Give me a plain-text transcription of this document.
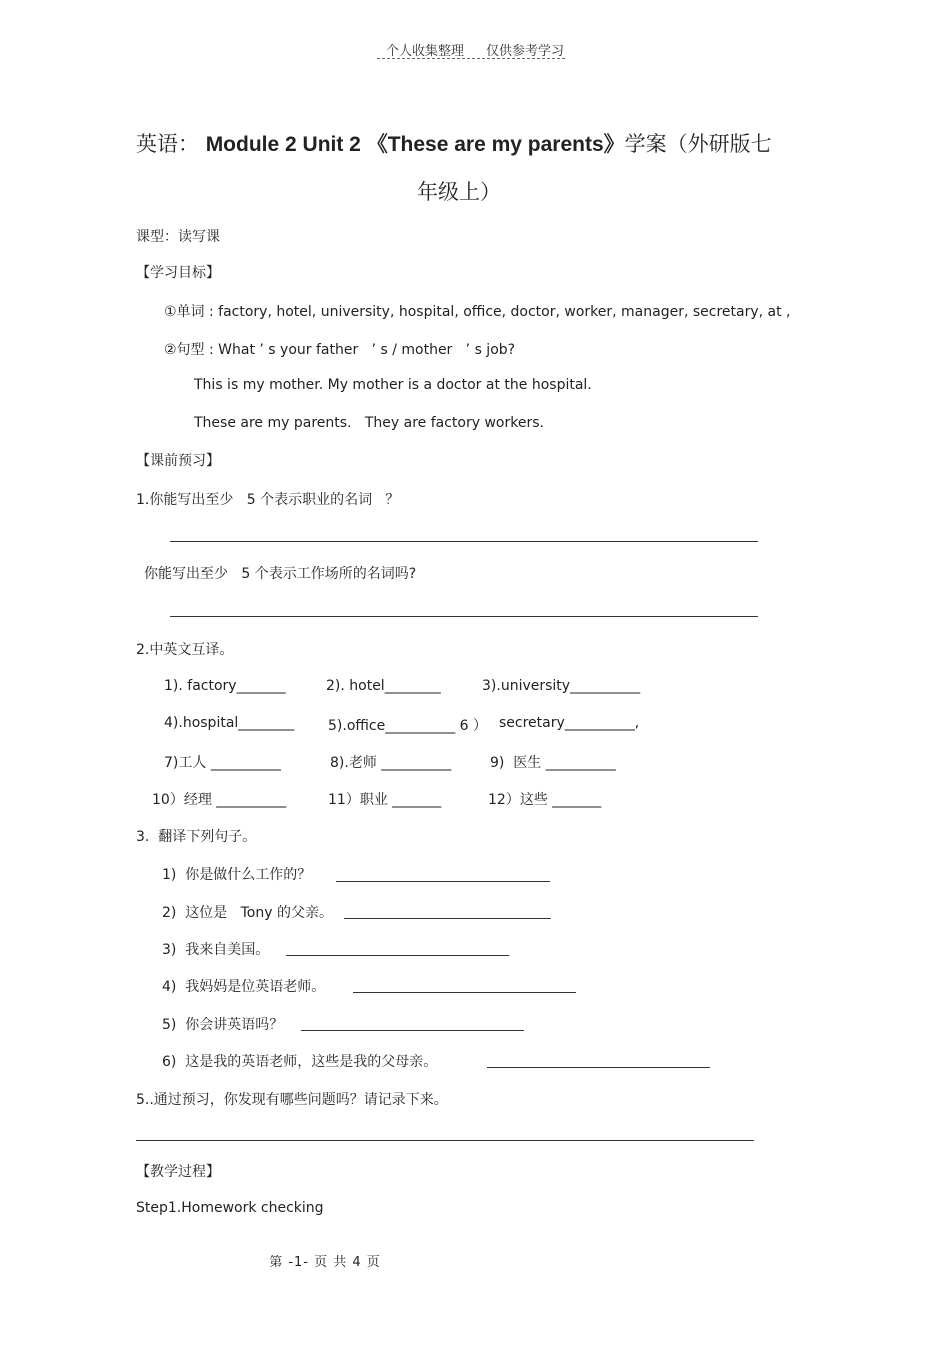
个人收集整理 仅供参考学习
英语： Module 2 Unit 2 《These are my parents》学案（外研版七
年级上）
课型：读写课
【学习目标】
①单词 : factory, hotel, university, hospital, office, doctor, worker, manager, secretary, at ,
②句型 : What ’ s your father   ’ s / mother   ’ s job?
This is my mother. My mother is a doctor at the hospital.
These are my parents.   They are factory workers.
【课前预习】
1.你能写出至少   5 个表示职业的名词   ？
你能写出至少   5 个表示工作场所的名词吗?
2.中英文互译。
1). factory_______	2). hotel________	3).university__________
4).hospital________ 5).office__________ 6 ） secretary__________,
7)工人 __________	8).老师 __________	9)  医生 __________
10）经理 __________	11）职业 _______	12）这些 _______
3.  翻译下列句子。
1)  你是做什么工作的？
2)  这位是   Tony 的父亲。
3)  我来自美国。
4)  我妈妈是位英语老师。
5)  你会讲英语吗？
6)  这是我的英语老师，这些是我的父母亲。
5..通过预习，你发现有哪些问题吗？请记录下来。
【教学过程】
Step1.Homework checking
第 -1- 页 共 4 页
